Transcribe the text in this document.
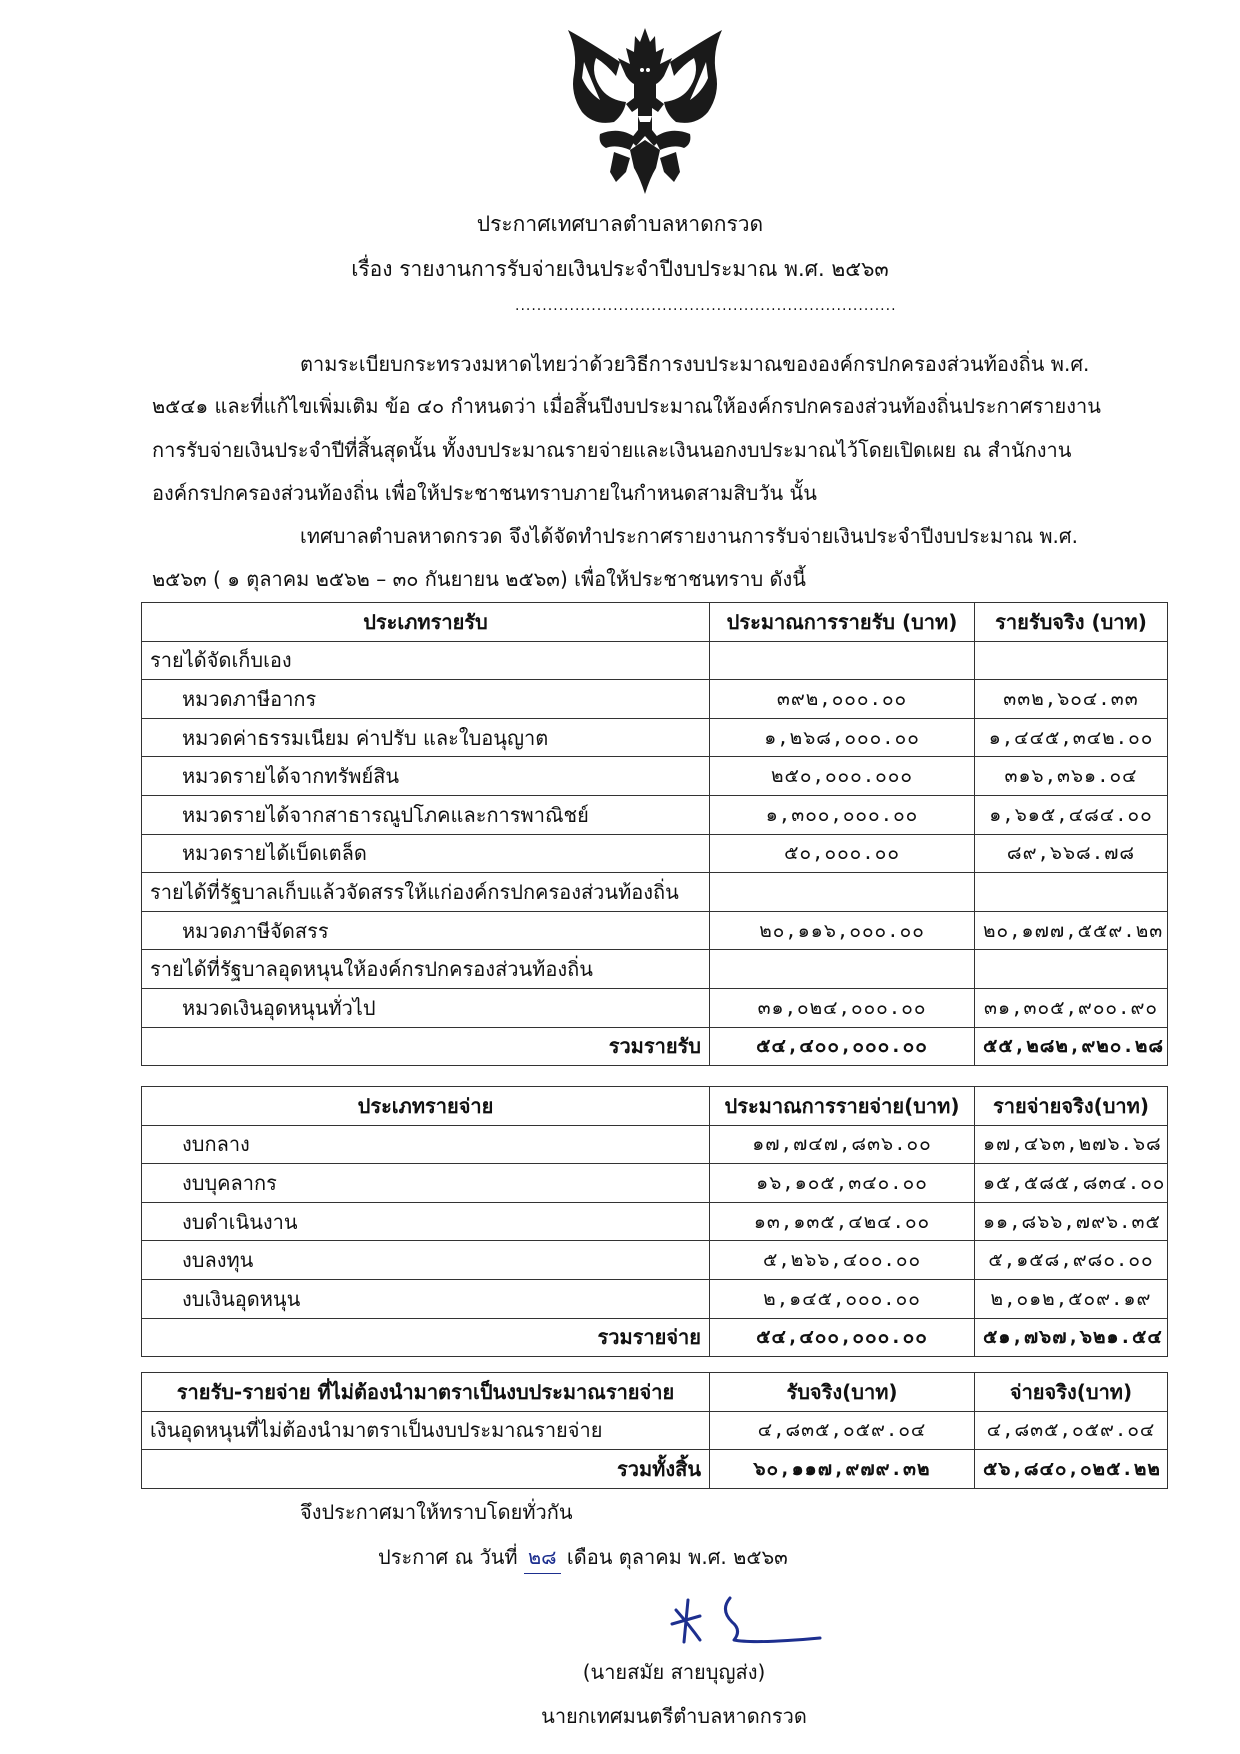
ประกาศเทศบาลตำบลหาดกรวด
เรื่อง รายงานการรับจ่ายเงินประจำปีงบประมาณ พ.ศ. ๒๕๖๓
......................................................................
ตามระเบียบกระทรวงมหาดไทยว่าด้วยวิธีการงบประมาณขององค์กรปกครองส่วนท้องถิ่น พ.ศ.
๒๕๔๑ และที่แก้ไขเพิ่มเติม ข้อ ๔๐ กำหนดว่า เมื่อสิ้นปีงบประมาณให้องค์กรปกครองส่วนท้องถิ่นประกาศรายงาน
การรับจ่ายเงินประจำปีที่สิ้นสุดนั้น ทั้งงบประมาณรายจ่ายและเงินนอกงบประมาณไว้โดยเปิดเผย ณ สำนักงาน
องค์กรปกครองส่วนท้องถิ่น เพื่อให้ประชาชนทราบภายในกำหนดสามสิบวัน นั้น
เทศบาลตำบลหาดกรวด จึงได้จัดทำประกาศรายงานการรับจ่ายเงินประจำปีงบประมาณ พ.ศ.
๒๕๖๓ ( ๑ ตุลาคม ๒๕๖๒ – ๓๐ กันยายน ๒๕๖๓) เพื่อให้ประชาชนทราบ ดังนี้
ประเภทรายรับ	ประมาณการรายรับ (บาท)	รายรับจริง (บาท)
รายได้จัดเก็บเอง		
หมวดภาษีอากร	๓๙๒,๐๐๐.๐๐	๓๓๒,๖๐๔.๓๓
หมวดค่าธรรมเนียม ค่าปรับ และใบอนุญาต	๑,๒๖๘,๐๐๐.๐๐	๑,๔๔๕,๓๔๒.๐๐
หมวดรายได้จากทรัพย์สิน	๒๕๐,๐๐๐.๐๐๐	๓๑๖,๓๖๑.๐๔
หมวดรายได้จากสาธารณูปโภคและการพาณิชย์	๑,๓๐๐,๐๐๐.๐๐	๑,๖๑๕,๔๘๔.๐๐
หมวดรายได้เบ็ดเตล็ด	๕๐,๐๐๐.๐๐	๘๙,๖๖๘.๗๘
รายได้ที่รัฐบาลเก็บแล้วจัดสรรให้แก่องค์กรปกครองส่วนท้องถิ่น		
หมวดภาษีจัดสรร	๒๐,๑๑๖,๐๐๐.๐๐	๒๐,๑๗๗,๕๕๙.๒๓
รายได้ที่รัฐบาลอุดหนุนให้องค์กรปกครองส่วนท้องถิ่น		
หมวดเงินอุดหนุนทั่วไป	๓๑,๐๒๔,๐๐๐.๐๐	๓๑,๓๐๕,๙๐๐.๙๐
รวมรายรับ	๕๔,๔๐๐,๐๐๐.๐๐	๕๕,๒๘๒,๙๒๐.๒๘
ประเภทรายจ่าย	ประมาณการรายจ่าย(บาท)	รายจ่ายจริง(บาท)
งบกลาง	๑๗,๗๔๗,๘๓๖.๐๐	๑๗,๔๖๓,๒๗๖.๖๘
งบบุคลากร	๑๖,๑๐๕,๓๔๐.๐๐	๑๕,๕๘๕,๘๓๔.๐๐
งบดำเนินงาน	๑๓,๑๓๕,๔๒๔.๐๐	๑๑,๘๖๖,๗๙๖.๓๕
งบลงทุน	๕,๒๖๖,๔๐๐.๐๐	๕,๑๕๘,๙๘๐.๐๐
งบเงินอุดหนุน	๒,๑๔๕,๐๐๐.๐๐	๒,๐๑๒,๕๐๙.๑๙
รวมรายจ่าย	๕๔,๔๐๐,๐๐๐.๐๐	๕๑,๗๖๗,๖๒๑.๕๔
รายรับ-รายจ่าย ที่ไม่ต้องนำมาตราเป็นงบประมาณรายจ่าย	รับจริง(บาท)	จ่ายจริง(บาท)
เงินอุดหนุนที่ไม่ต้องนำมาตราเป็นงบประมาณรายจ่าย	๔,๘๓๕,๐๕๙.๐๔	๔,๘๓๕,๐๕๙.๐๔
รวมทั้งสิ้น	๖๐,๑๑๗,๙๗๙.๓๒	๕๖,๘๔๐,๐๒๕.๒๒
จึงประกาศมาให้ทราบโดยทั่วกัน
ประกาศ ณ วันที่ ๒๘ เดือน ตุลาคม พ.ศ. ๒๕๖๓
(นายสมัย สายบุญส่ง)
นายกเทศมนตรีตำบลหาดกรวด
